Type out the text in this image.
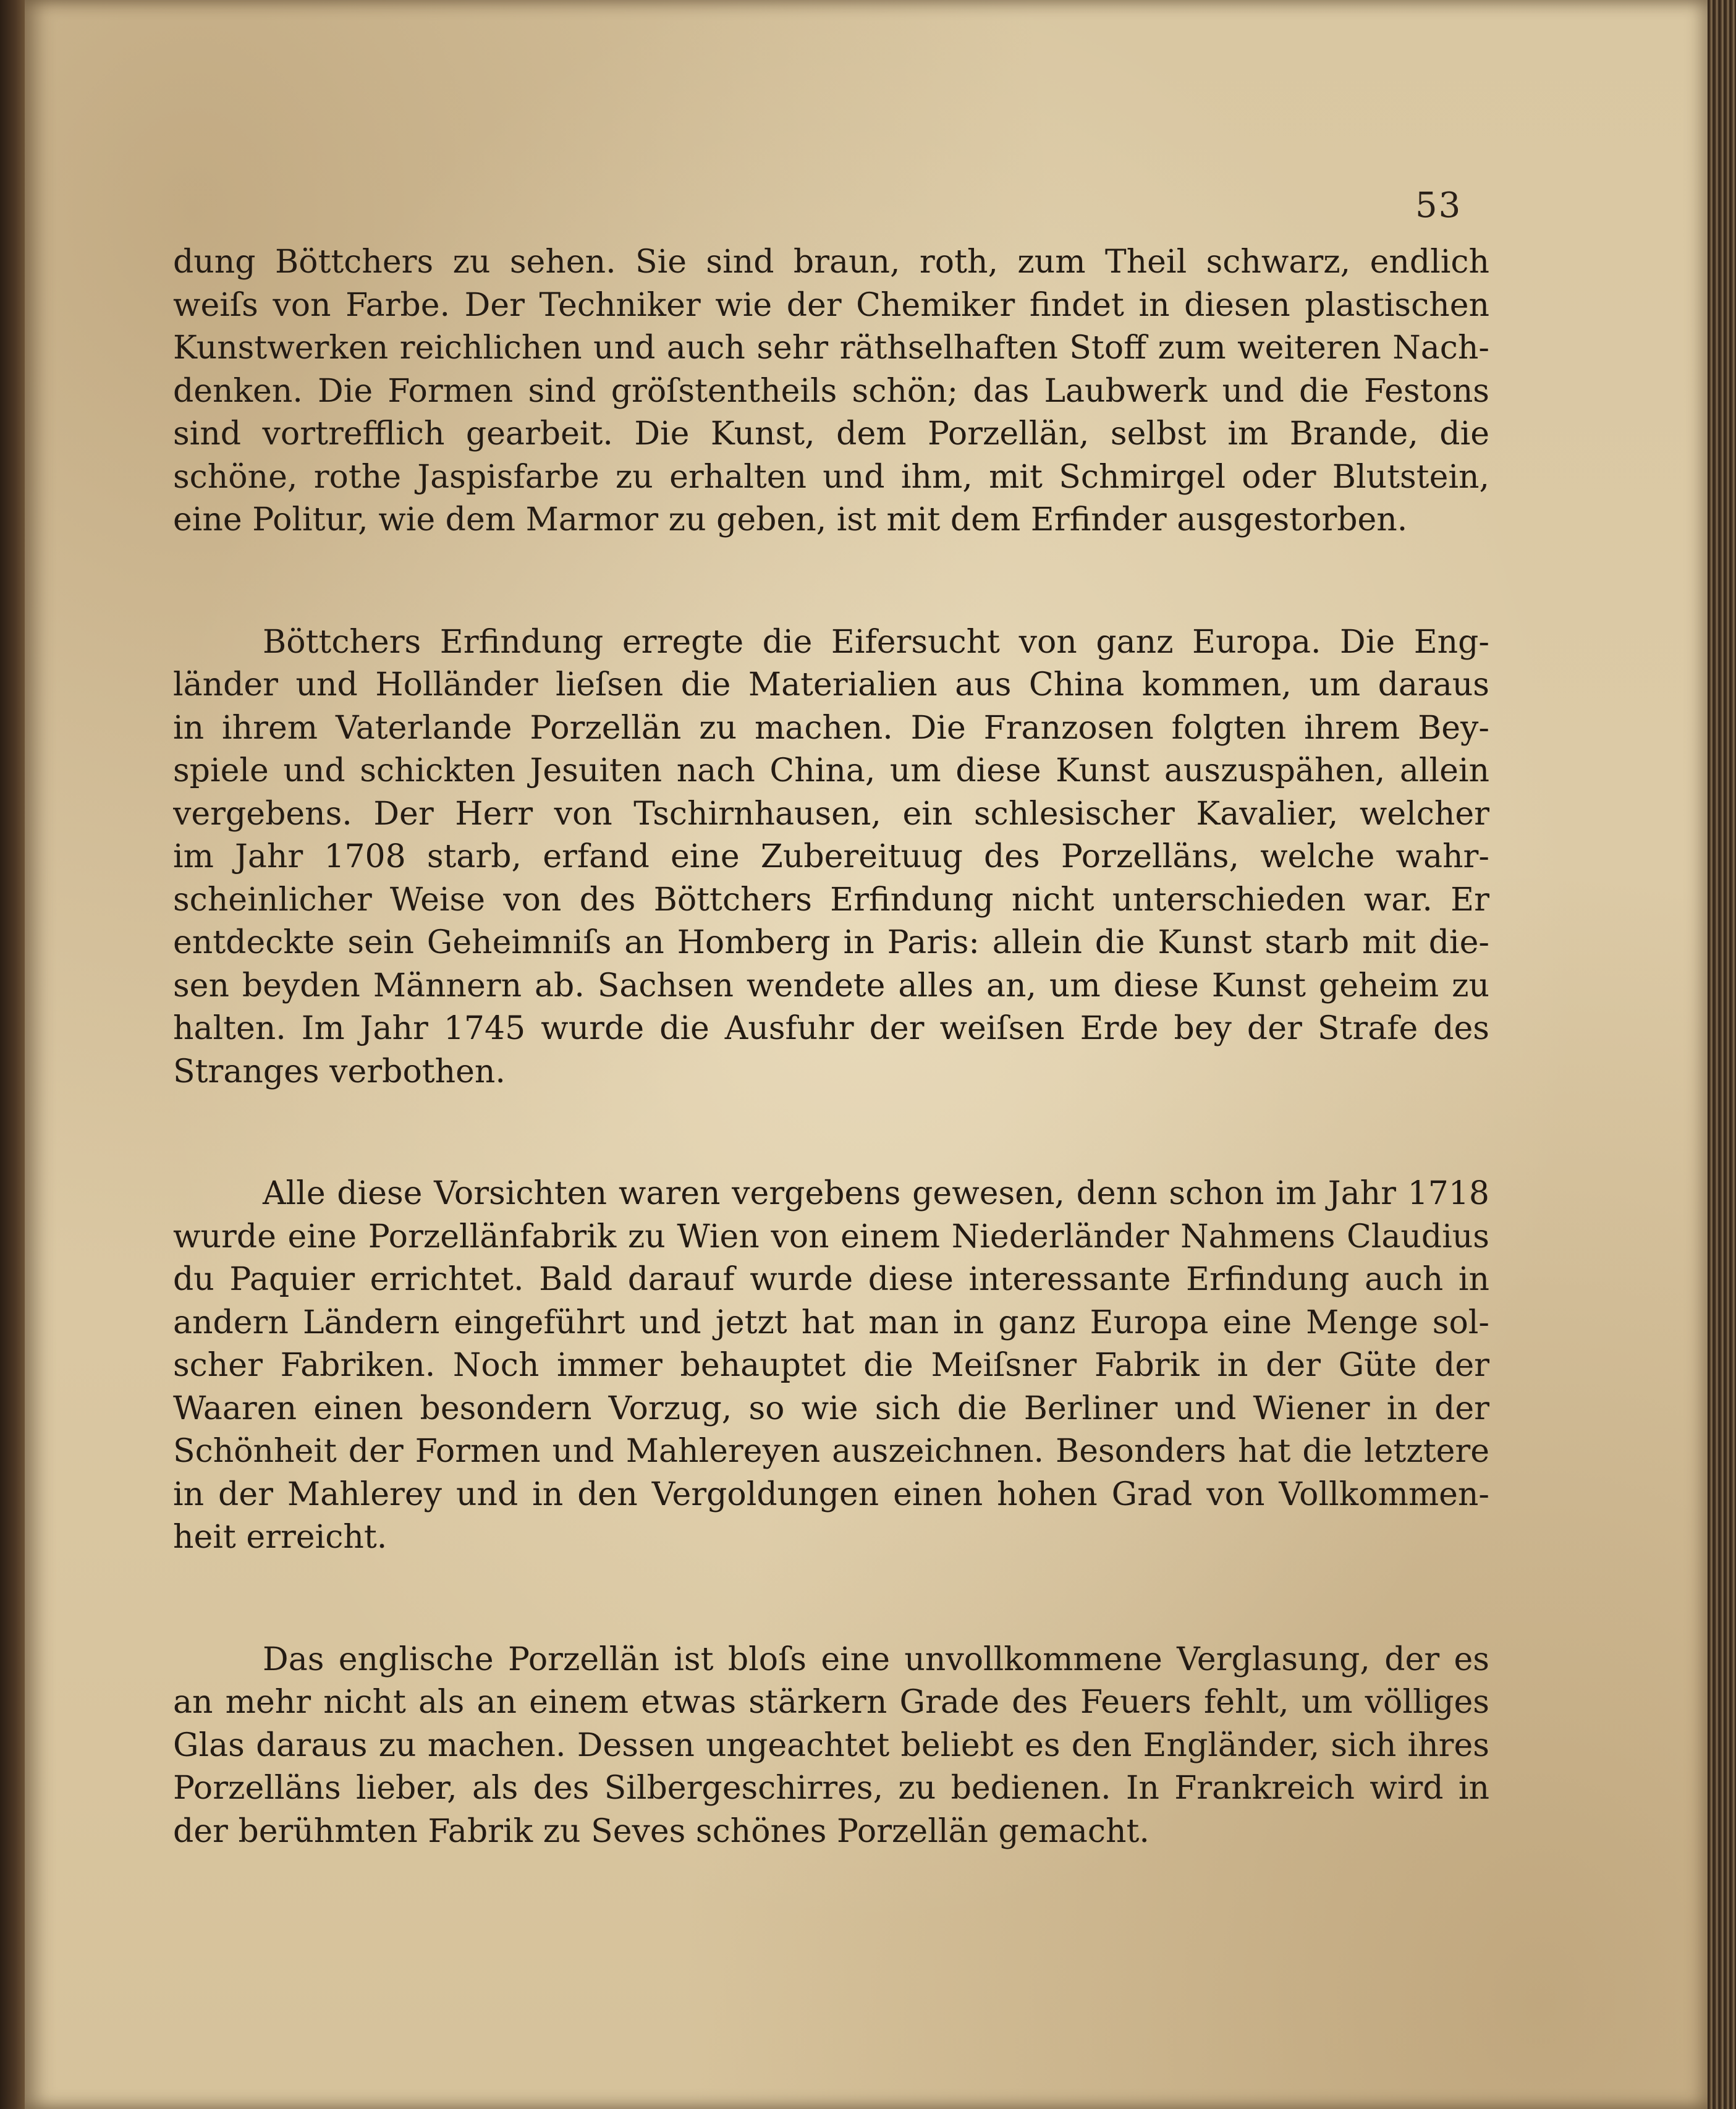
53

dung Böttchers zu sehen. Sie sind braun, roth, zum Theil schwarz, endlich
weiſs von Farbe. Der Techniker wie der Chemiker findet in diesen plastischen
Kunstwerken reichlichen und auch sehr räthselhaften Stoff zum weiteren Nach-
denken. Die Formen sind gröſstentheils schön; das Laubwerk und die Festons
sind vortrefflich gearbeit. Die Kunst, dem Porzellän, selbst im Brande, die
schöne, rothe Jaspisfarbe zu erhalten und ihm, mit Schmirgel oder Blutstein,
eine Politur, wie dem Marmor zu geben, ist mit dem Erfinder ausgestorben.

Böttchers Erfindung erregte die Eifersucht von ganz Europa. Die Eng-
länder und Holländer lieſsen die Materialien aus China kommen, um daraus
in ihrem Vaterlande Porzellän zu machen. Die Franzosen folgten ihrem Bey-
spiele und schickten Jesuiten nach China, um diese Kunst auszuspähen, allein
vergebens. Der Herr von Tschirnhausen, ein schlesischer Kavalier, welcher
im Jahr 1708 starb, erfand eine Zubereituug des Porzelläns, welche wahr-
scheinlicher Weise von des Böttchers Erfindung nicht unterschieden war. Er
entdeckte sein Geheimniſs an Homberg in Paris: allein die Kunst starb mit die-
sen beyden Männern ab. Sachsen wendete alles an, um diese Kunst geheim zu
halten. Im Jahr 1745 wurde die Ausfuhr der weiſsen Erde bey der Strafe des
Stranges verbothen.

Alle diese Vorsichten waren vergebens gewesen, denn schon im Jahr 1718
wurde eine Porzellänfabrik zu Wien von einem Niederländer Nahmens Claudius
du Paquier errichtet. Bald darauf wurde diese interessante Erfindung auch in
andern Ländern eingeführt und jetzt hat man in ganz Europa eine Menge sol-
scher Fabriken. Noch immer behauptet die Meiſsner Fabrik in der Güte der
Waaren einen besondern Vorzug, so wie sich die Berliner und Wiener in der
Schönheit der Formen und Mahlereyen auszeichnen. Besonders hat die letztere
in der Mahlerey und in den Vergoldungen einen hohen Grad von Vollkommen-
heit erreicht.

Das englische Porzellän ist bloſs eine unvollkommene Verglasung, der es
an mehr nicht als an einem etwas stärkern Grade des Feuers fehlt, um völliges
Glas daraus zu machen. Dessen ungeachtet beliebt es den Engländer, sich ihres
Porzelläns lieber, als des Silbergeschirres, zu bedienen. In Frankreich wird in
der berühmten Fabrik zu Seves schönes Porzellän gemacht.
